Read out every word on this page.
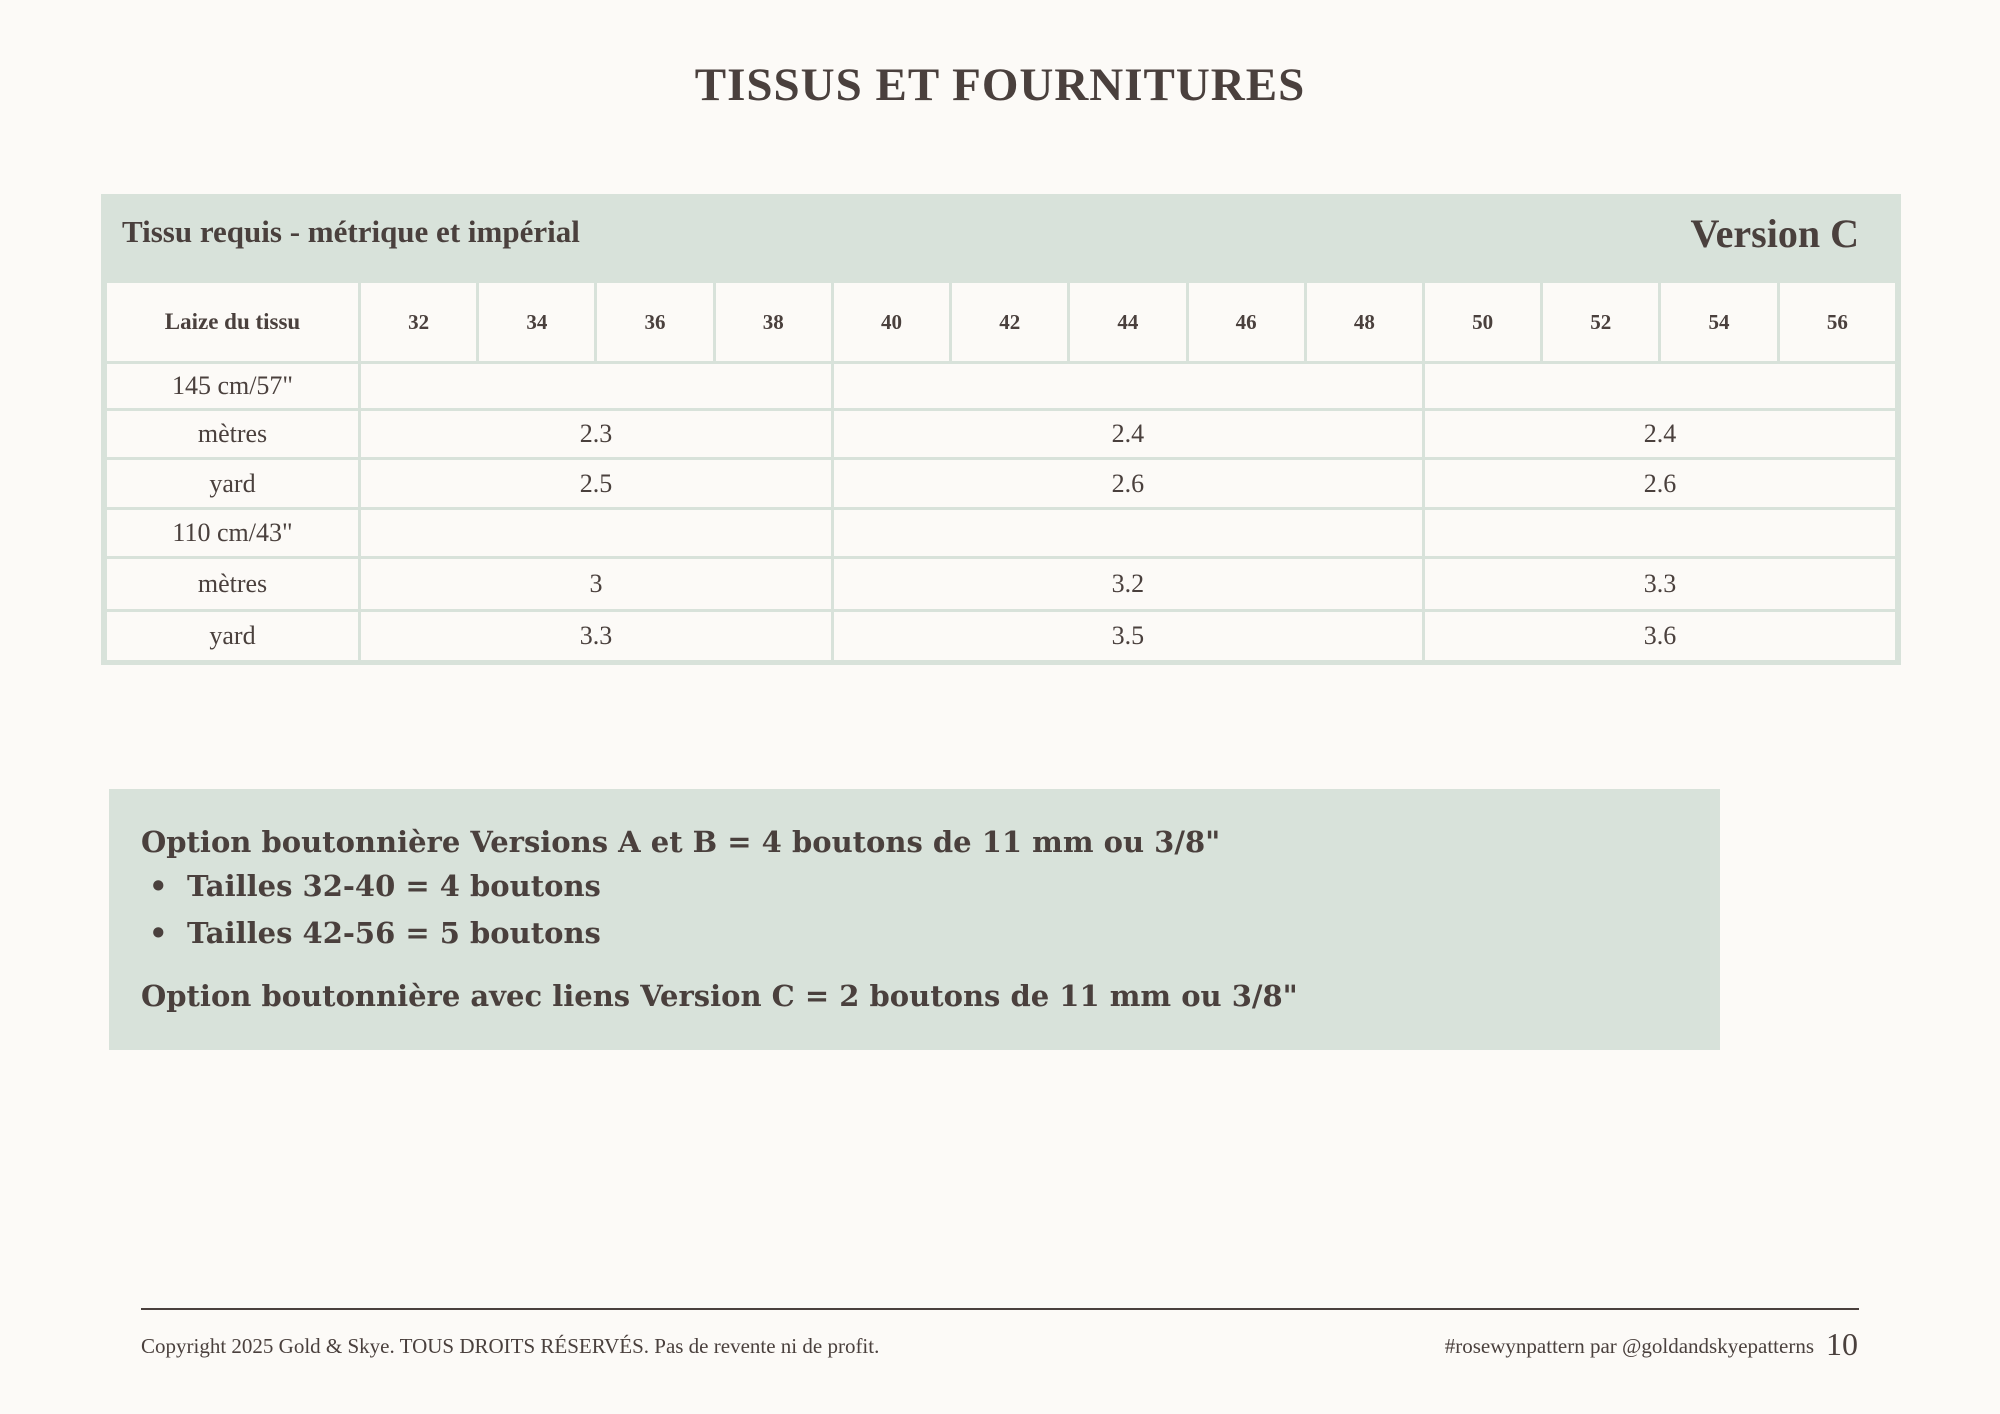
TISSUS ET FOURNITURES
Tissu requis - métrique et impérial	Version C
Laize du tissu	32	34	36	38	40	42	44	46	48	50	52	54	56
145 cm/57"													
mètres	2.3				2.4					2.4			
yard	2.5				2.6					2.6			
110 cm/43"													
mètres	3				3.2					3.3			
yard	3.3				3.5					3.6			
Option boutonnière Versions A et B = 4 boutons de 11 mm ou 3/8"
• Tailles 32-40 = 4 boutons
• Tailles 42-56 = 5 boutons
Option boutonnière avec liens Version C = 2 boutons de 11 mm ou 3/8"
Copyright 2025 Gold & Skye. TOUS DROITS RÉSERVÉS. Pas de revente ni de profit.	#rosewynpattern par @goldandskyepatterns 10
